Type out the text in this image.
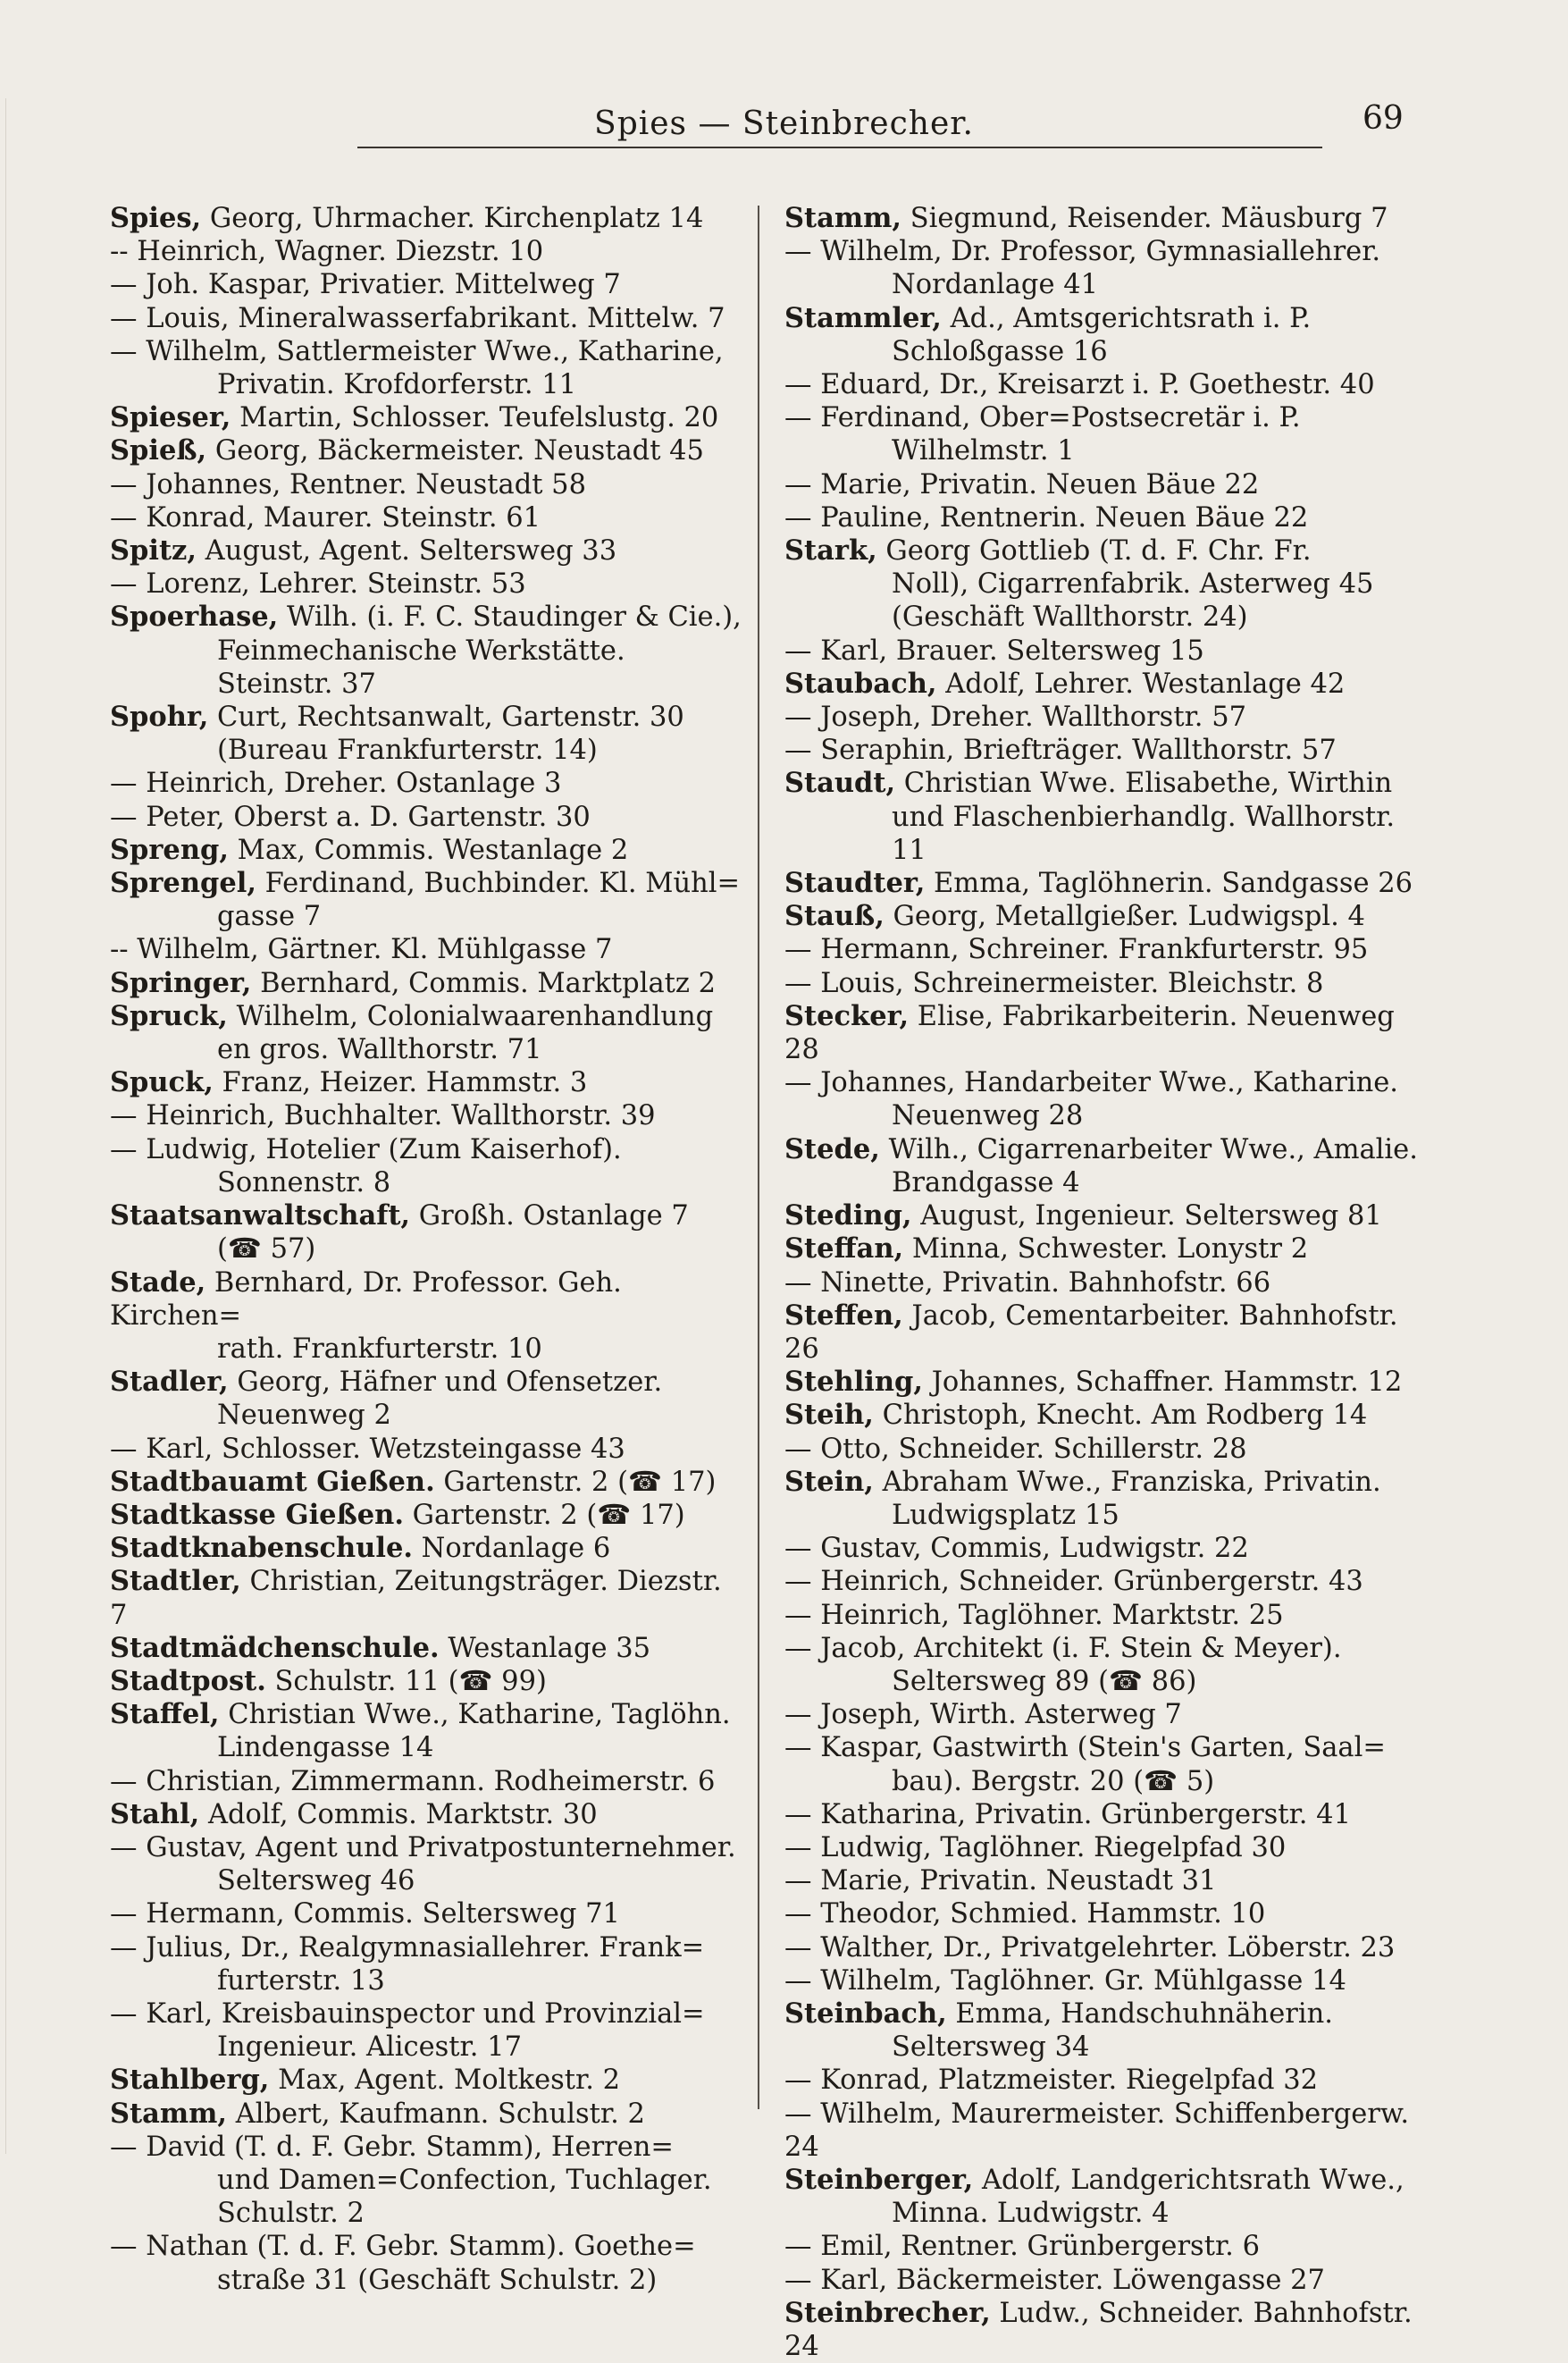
Spies — Steinbrecher.	69

Spies, Georg, Uhrmacher. Kirchenplatz 14

-- Heinrich, Wagner. Diezstr. 10

— Joh. Kaspar, Privatier. Mittelweg 7

— Louis, Mineralwasserfabrikant. Mittelw. 7

— Wilhelm, Sattlermeister Wwe., Katharine,
Privatin. Krofdorferstr. 11

Spieser, Martin, Schlosser. Teufelslustg. 20

Spieß, Georg, Bäckermeister. Neustadt 45

— Johannes, Rentner. Neustadt 58

— Konrad, Maurer. Steinstr. 61

Spitz, August, Agent. Seltersweg 33

— Lorenz, Lehrer. Steinstr. 53

Spoerhase, Wilh. (i. F. C. Staudinger & Cie.),
Feinmechanische Werkstätte. Steinstr. 37

Spohr, Curt, Rechtsanwalt, Gartenstr. 30
(Bureau Frankfurterstr. 14)

— Heinrich, Dreher. Ostanlage 3

— Peter, Oberst a. D. Gartenstr. 30

Spreng, Max, Commis. Westanlage 2

Sprengel, Ferdinand, Buchbinder. Kl. Mühl=
gasse 7

-- Wilhelm, Gärtner. Kl. Mühlgasse 7

Springer, Bernhard, Commis. Marktplatz 2

Spruck, Wilhelm, Colonialwaarenhandlung
en gros. Wallthorstr. 71

Spuck, Franz, Heizer. Hammstr. 3

— Heinrich, Buchhalter. Wallthorstr. 39

— Ludwig, Hotelier (Zum Kaiserhof).
Sonnenstr. 8

Staatsanwaltschaft, Großh. Ostanlage 7
(☎ 57)

Stade, Bernhard, Dr. Professor. Geh. Kirchen=
rath. Frankfurterstr. 10

Stadler, Georg, Häfner und Ofensetzer.
Neuenweg 2

— Karl, Schlosser. Wetzsteingasse 43

Stadtbauamt Gießen. Gartenstr. 2 (☎ 17)

Stadtkasse Gießen. Gartenstr. 2 (☎ 17)

Stadtknabenschule. Nordanlage 6

Stadtler, Christian, Zeitungsträger. Diezstr. 7

Stadtmädchenschule. Westanlage 35

Stadtpost. Schulstr. 11 (☎ 99)

Staffel, Christian Wwe., Katharine, Taglöhn.
Lindengasse 14

— Christian, Zimmermann. Rodheimerstr. 6

Stahl, Adolf, Commis. Marktstr. 30

— Gustav, Agent und Privatpostunternehmer.
Seltersweg 46

— Hermann, Commis. Seltersweg 71

— Julius, Dr., Realgymnasiallehrer. Frank=
furterstr. 13

— Karl, Kreisbauinspector und Provinzial=
Ingenieur. Alicestr. 17

Stahlberg, Max, Agent. Moltkestr. 2

Stamm, Albert, Kaufmann. Schulstr. 2

— David (T. d. F. Gebr. Stamm), Herren=
und Damen=Confection, Tuchlager.
Schulstr. 2

— Nathan (T. d. F. Gebr. Stamm). Goethe=
straße 31 (Geschäft Schulstr. 2)

Stamm, Siegmund, Reisender. Mäusburg 7

— Wilhelm, Dr. Professor, Gymnasiallehrer.
Nordanlage 41

Stammler, Ad., Amtsgerichtsrath i. P.
Schloßgasse 16

— Eduard, Dr., Kreisarzt i. P. Goethestr. 40

— Ferdinand, Ober=Postsecretär i. P.
Wilhelmstr. 1

— Marie, Privatin. Neuen Bäue 22

— Pauline, Rentnerin. Neuen Bäue 22

Stark, Georg Gottlieb (T. d. F. Chr. Fr.
Noll), Cigarrenfabrik. Asterweg 45
(Geschäft Wallthorstr. 24)

— Karl, Brauer. Seltersweg 15

Staubach, Adolf, Lehrer. Westanlage 42

— Joseph, Dreher. Wallthorstr. 57

— Seraphin, Briefträger. Wallthorstr. 57

Staudt, Christian Wwe. Elisabethe, Wirthin
und Flaschenbierhandlg. Wallhorstr. 11

Staudter, Emma, Taglöhnerin. Sandgasse 26

Stauß, Georg, Metallgießer. Ludwigspl. 4

— Hermann, Schreiner. Frankfurterstr. 95

— Louis, Schreinermeister. Bleichstr. 8

Stecker, Elise, Fabrikarbeiterin. Neuenweg 28

— Johannes, Handarbeiter Wwe., Katharine.
Neuenweg 28

Stede, Wilh., Cigarrenarbeiter Wwe., Amalie.
Brandgasse 4

Steding, August, Ingenieur. Seltersweg 81

Steffan, Minna, Schwester. Lonystr 2

— Ninette, Privatin. Bahnhofstr. 66

Steffen, Jacob, Cementarbeiter. Bahnhofstr. 26

Stehling, Johannes, Schaffner. Hammstr. 12

Steih, Christoph, Knecht. Am Rodberg 14

— Otto, Schneider. Schillerstr. 28

Stein, Abraham Wwe., Franziska, Privatin.
Ludwigsplatz 15

— Gustav, Commis, Ludwigstr. 22

— Heinrich, Schneider. Grünbergerstr. 43

— Heinrich, Taglöhner. Marktstr. 25

— Jacob, Architekt (i. F. Stein & Meyer).
Seltersweg 89 (☎ 86)

— Joseph, Wirth. Asterweg 7

— Kaspar, Gastwirth (Stein's Garten, Saal=
bau). Bergstr. 20 (☎ 5)

— Katharina, Privatin. Grünbergerstr. 41

— Ludwig, Taglöhner. Riegelpfad 30

— Marie, Privatin. Neustadt 31

— Theodor, Schmied. Hammstr. 10

— Walther, Dr., Privatgelehrter. Löberstr. 23

— Wilhelm, Taglöhner. Gr. Mühlgasse 14

Steinbach, Emma, Handschuhnäherin.
Seltersweg 34

— Konrad, Platzmeister. Riegelpfad 32

— Wilhelm, Maurermeister. Schiffenbergerw. 24

Steinberger, Adolf, Landgerichtsrath Wwe.,
Minna. Ludwigstr. 4

— Emil, Rentner. Grünbergerstr. 6

— Karl, Bäckermeister. Löwengasse 27

Steinbrecher, Ludw., Schneider. Bahnhofstr. 24
